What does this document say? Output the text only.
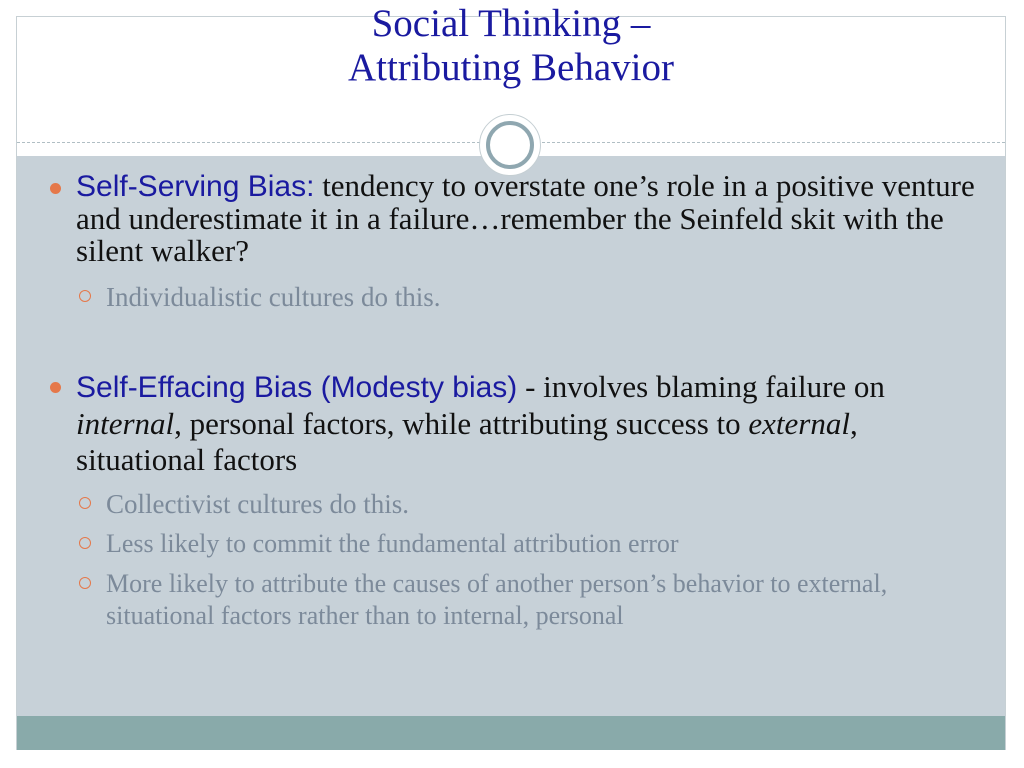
Social Thinking –
Attributing Behavior
Self-Serving Bias: tendency to overstate one’s role in a positive venture and underestimate it in a failure…remember the Seinfeld skit with the silent walker?
Individualistic cultures do this.
Self-Effacing Bias (Modesty bias) - involves blaming failure on internal, personal factors, while attributing success to external, situational factors
Collectivist cultures do this.
Less likely to commit the fundamental attribution error
More likely to attribute the causes of another person’s behavior to external, situational factors rather than to internal, personal
